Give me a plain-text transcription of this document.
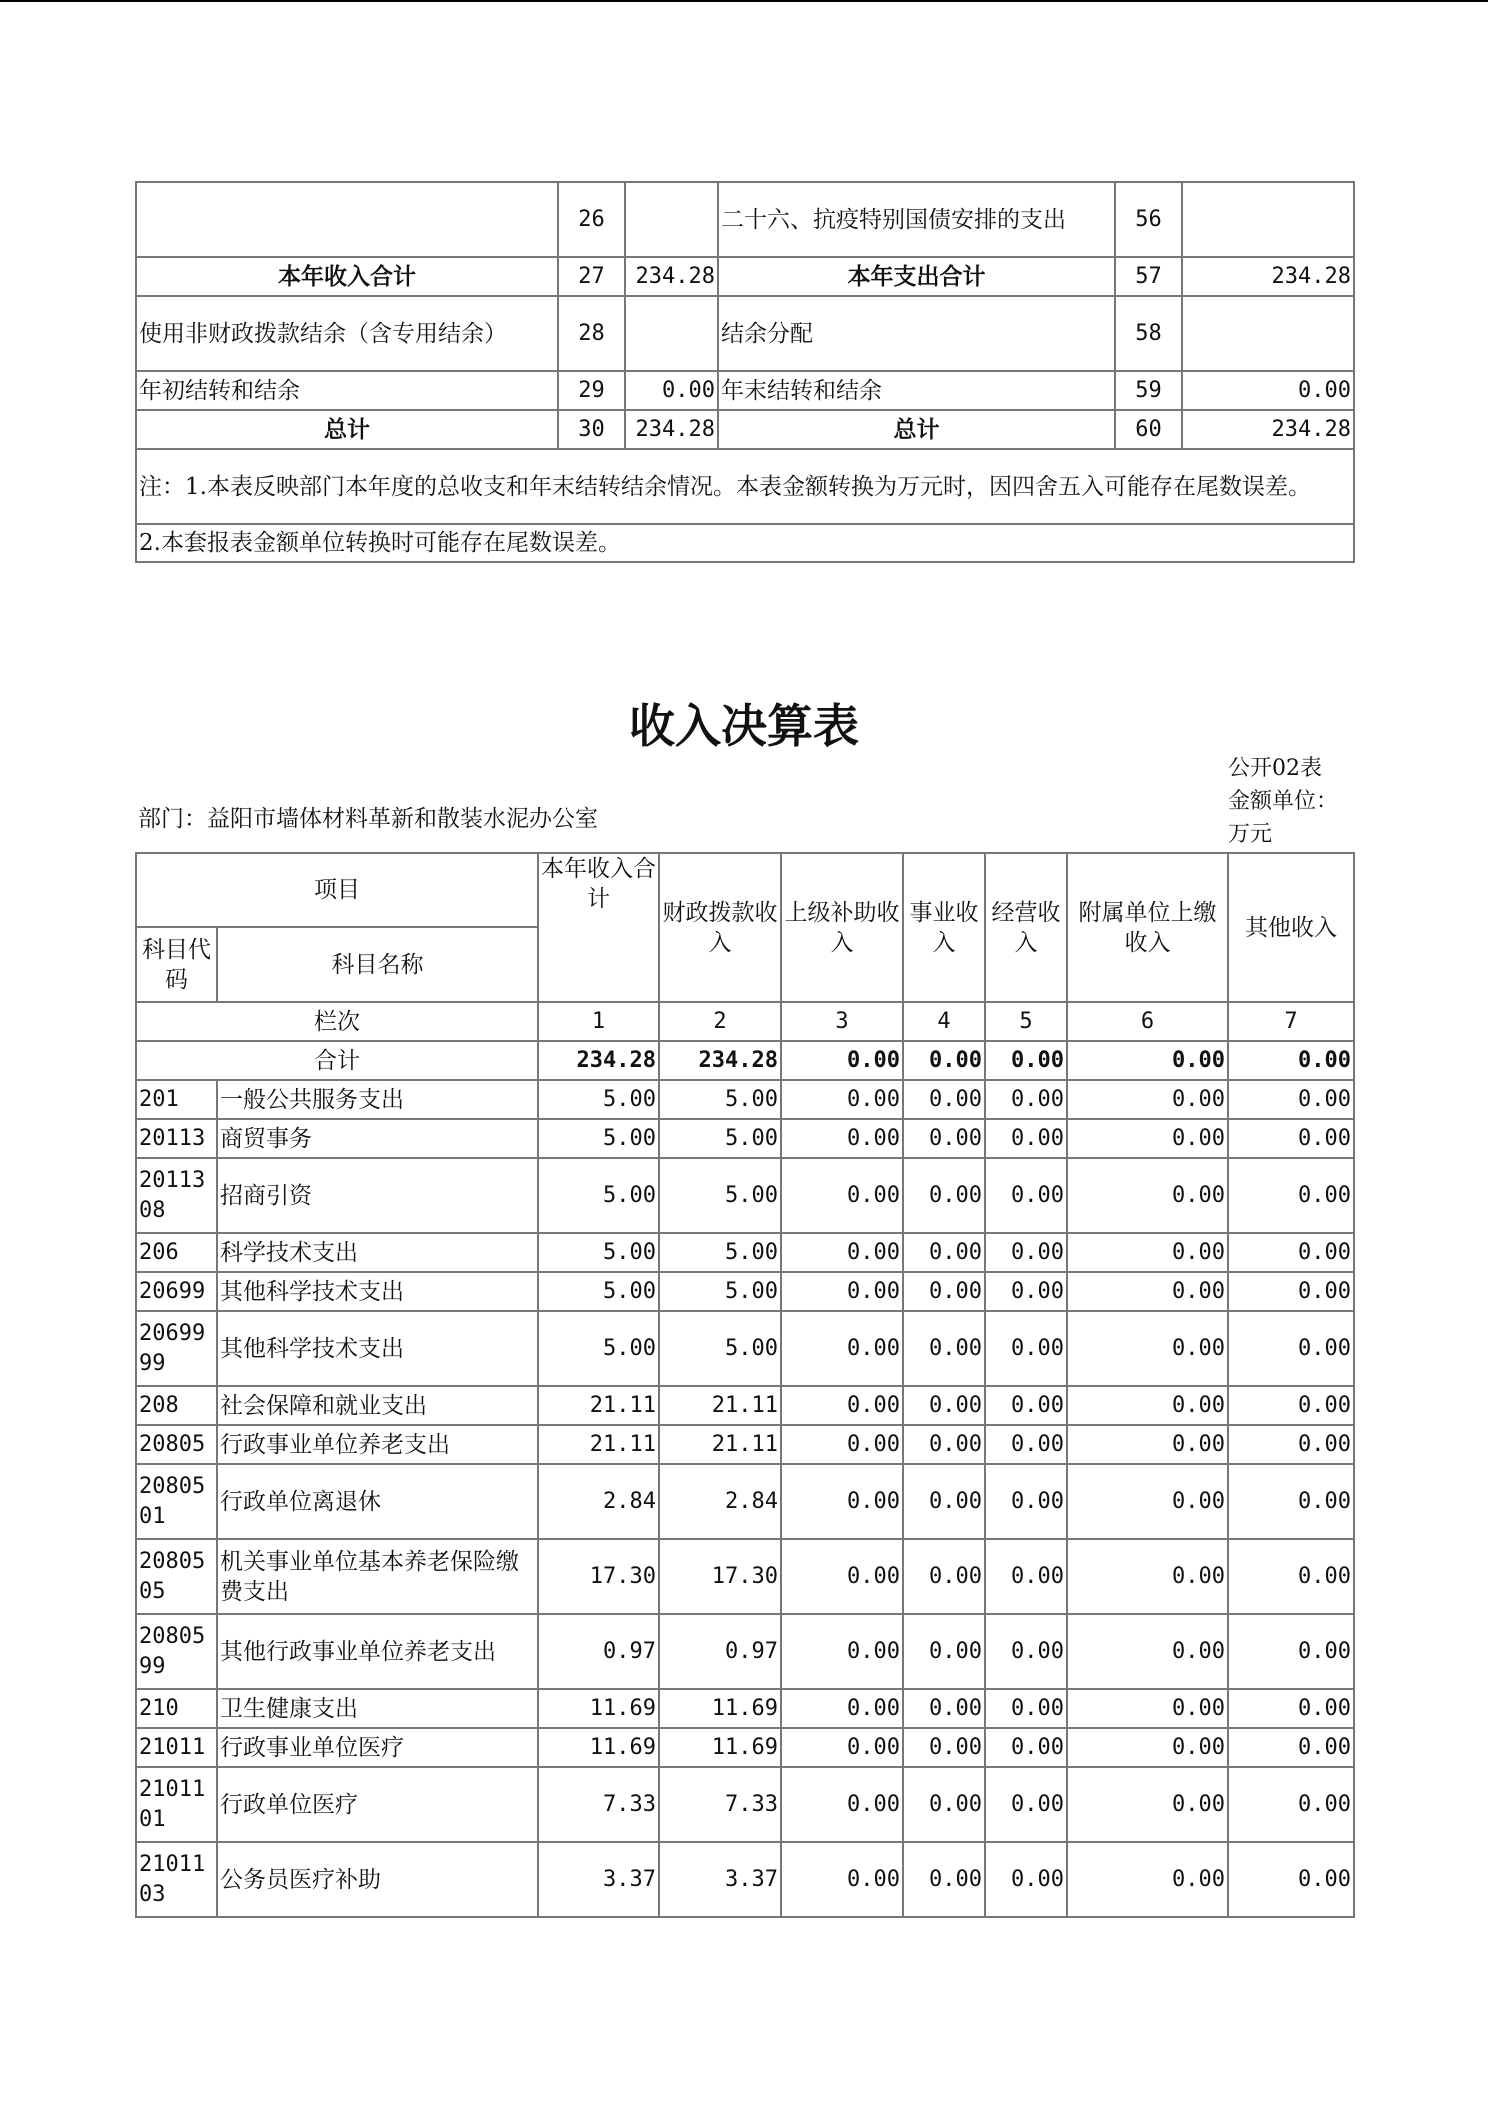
	26		二十六、抗疫特别国债安排的支出	56	
本年收入合计	27	234.28	本年支出合计	57	234.28
使用非财政拨款结余（含专用结余）	28		结余分配	58	
年初结转和结余	29	0.00	年末结转和结余	59	0.00
总计	30	234.28	总计	60	234.28
注：1.本表反映部门本年度的总收支和年末结转结余情况。本表金额转换为万元时，因四舍五入可能存在尾数误差。					
2.本套报表金额单位转换时可能存在尾数误差。					
收入决算表
部门：益阳市墙体材料革新和散装水泥办公室
公开02表
金额单位：
万元
项目		本年收入合计	财政拨款收入	上级补助收入	事业收入	经营收入	附属单位上缴收入	其他收入
科目代码	科目名称							
栏次		1	2	3	4	5	6	7
合计		234.28	234.28	0.00	0.00	0.00	0.00	0.00
201	一般公共服务支出	5.00	5.00	0.00	0.00	0.00	0.00	0.00
20113	商贸事务	5.00	5.00	0.00	0.00	0.00	0.00	0.00
2011308	招商引资	5.00	5.00	0.00	0.00	0.00	0.00	0.00
206	科学技术支出	5.00	5.00	0.00	0.00	0.00	0.00	0.00
20699	其他科学技术支出	5.00	5.00	0.00	0.00	0.00	0.00	0.00
2069999	其他科学技术支出	5.00	5.00	0.00	0.00	0.00	0.00	0.00
208	社会保障和就业支出	21.11	21.11	0.00	0.00	0.00	0.00	0.00
20805	行政事业单位养老支出	21.11	21.11	0.00	0.00	0.00	0.00	0.00
2080501	行政单位离退休	2.84	2.84	0.00	0.00	0.00	0.00	0.00
2080505	机关事业单位基本养老保险缴费支出	17.30	17.30	0.00	0.00	0.00	0.00	0.00
2080599	其他行政事业单位养老支出	0.97	0.97	0.00	0.00	0.00	0.00	0.00
210	卫生健康支出	11.69	11.69	0.00	0.00	0.00	0.00	0.00
21011	行政事业单位医疗	11.69	11.69	0.00	0.00	0.00	0.00	0.00
2101101	行政单位医疗	7.33	7.33	0.00	0.00	0.00	0.00	0.00
2101103	公务员医疗补助	3.37	3.37	0.00	0.00	0.00	0.00	0.00
